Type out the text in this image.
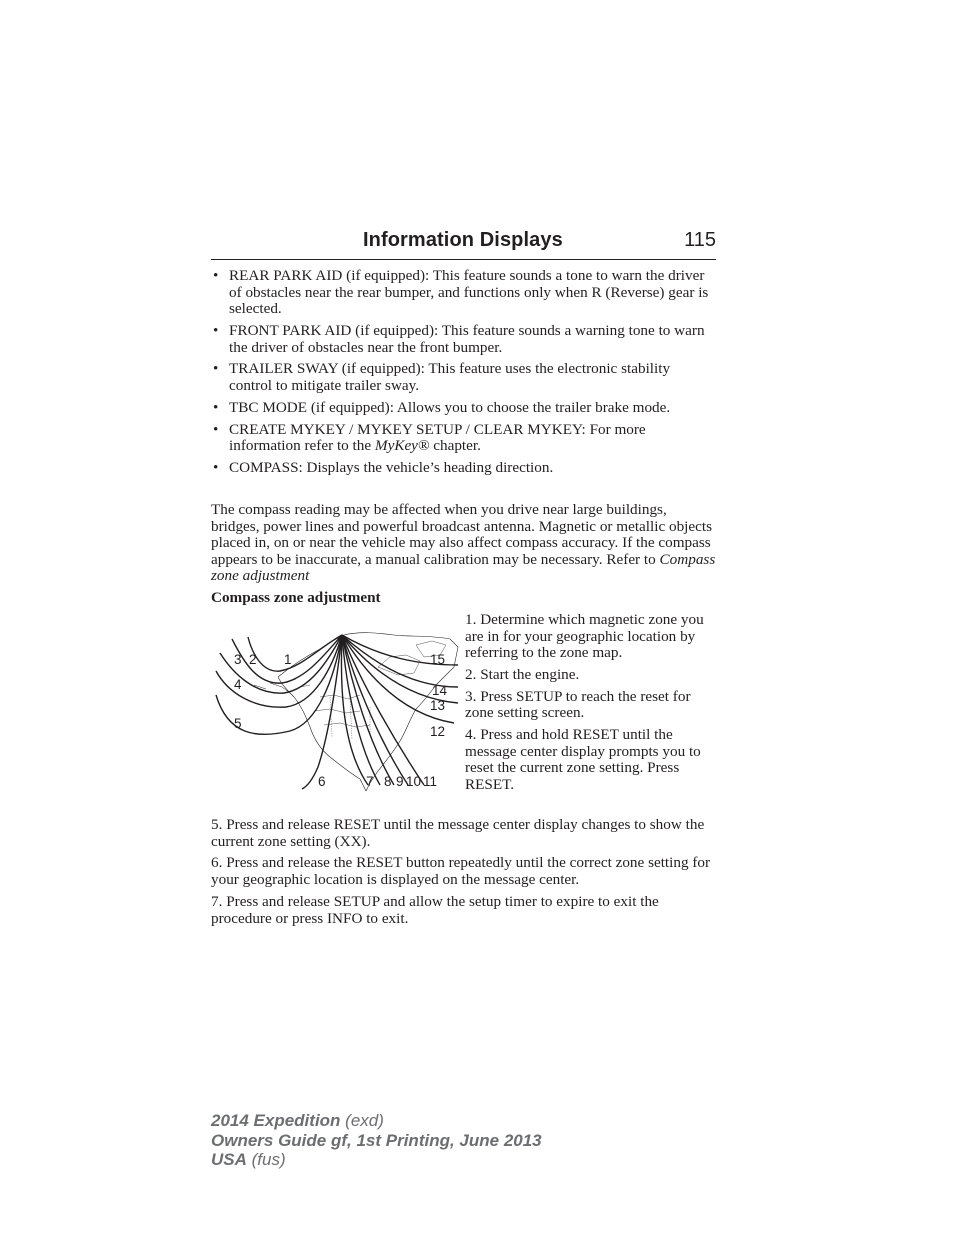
Information Displays	115
• REAR PARK AID (if equipped): This feature sounds a tone to warn the driver of obstacles near the rear bumper, and functions only when R (Reverse) gear is selected.
• FRONT PARK AID (if equipped): This feature sounds a warning tone to warn the driver of obstacles near the front bumper.
• TRAILER SWAY (if equipped): This feature uses the electronic stability control to mitigate trailer sway.
• TBC MODE (if equipped): Allows you to choose the trailer brake mode.
• CREATE MYKEY / MYKEY SETUP / CLEAR MYKEY: For more information refer to the MyKey® chapter.
• COMPASS: Displays the vehicle’s heading direction.

The compass reading may be affected when you drive near large buildings, bridges, power lines and powerful broadcast antenna. Magnetic or metallic objects placed in, on or near the vehicle may also affect compass accuracy. If the compass appears to be inaccurate, a manual calibration may be necessary. Refer to Compass zone adjustment

Compass zone adjustment

1. Determine which magnetic zone you are in for your geographic location by referring to the zone map.

2. Start the engine.

3. Press SETUP to reach the reset for zone setting screen.

4. Press and hold RESET until the message center display prompts you to reset the current zone setting. Press RESET.

3 2 1
4
5
6	7 8 9 10 11
12
13
14
15

5. Press and release RESET until the message center display changes to show the current zone setting (XX).

6. Press and release the RESET button repeatedly until the correct zone setting for your geographic location is displayed on the message center.

7. Press and release SETUP and allow the setup timer to expire to exit the procedure or press INFO to exit.

2014 Expedition (exd)
Owners Guide gf, 1st Printing, June 2013
USA (fus)
